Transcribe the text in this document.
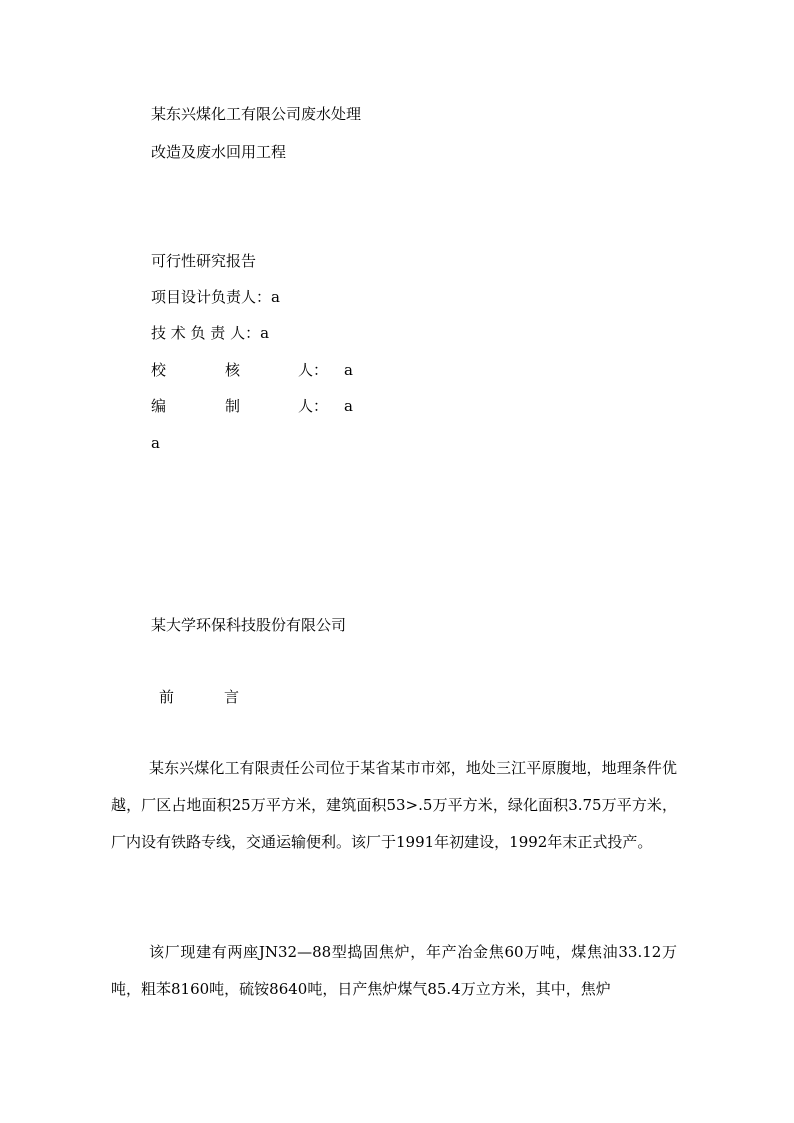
某东兴煤化工有限公司废水处理
改造及废水回用工程
可行性研究报告
项目设计负责人：a
技 术 负 责 人：a
校	核	人： a
编	制	人： a
a
某大学环保科技股份有限公司
前	言
某东兴煤化工有限责任公司位于某省某市市郊，地处三江平原腹地，地理条件优越，厂区占地面积25万平方米，建筑面积53>.5万平方米，绿化面积3.75万平方米，厂内设有铁路专线，交通运输便利。该厂于1991年初建设，1992年末正式投产。
该厂现建有两座JN32—88型捣固焦炉，年产冶金焦60万吨，煤焦油33.12万吨，粗苯8160吨，硫铵8640吨，日产焦炉煤气85.4万立方米，其中，焦炉
